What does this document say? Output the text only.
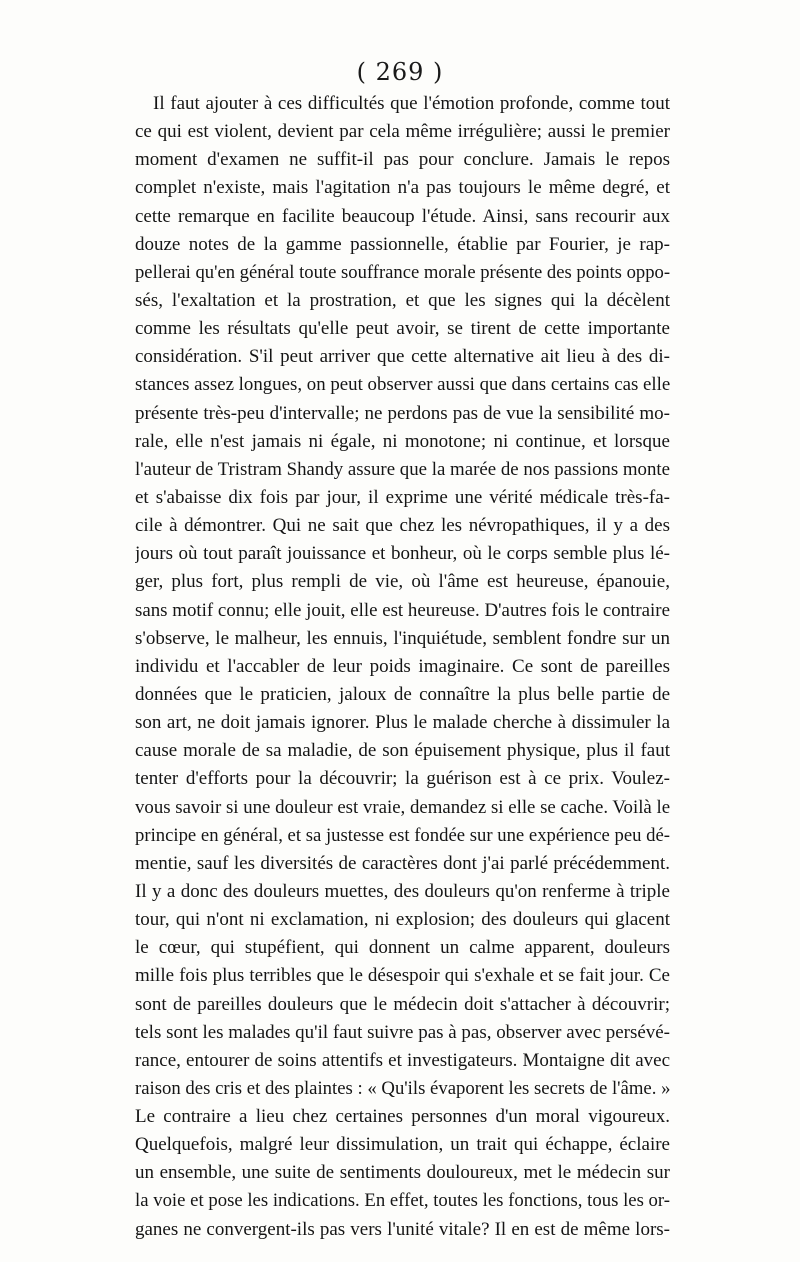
( 269 )
Il faut ajouter à ces difficultés que l'émotion profonde, comme tout
ce qui est violent, devient par cela même irrégulière; aussi le premier
moment d'examen ne suffit-il pas pour conclure. Jamais le repos
complet n'existe, mais l'agitation n'a pas toujours le même degré, et
cette remarque en facilite beaucoup l'étude. Ainsi, sans recourir aux
douze notes de la gamme passionnelle, établie par Fourier, je rap-
pellerai qu'en général toute souffrance morale présente des points oppo-
sés, l'exaltation et la prostration, et que les signes qui la décèlent
comme les résultats qu'elle peut avoir, se tirent de cette importante
considération. S'il peut arriver que cette alternative ait lieu à des di-
stances assez longues, on peut observer aussi que dans certains cas elle
présente très-peu d'intervalle; ne perdons pas de vue la sensibilité mo-
rale, elle n'est jamais ni égale, ni monotone; ni continue, et lorsque
l'auteur de Tristram Shandy assure que la marée de nos passions monte
et s'abaisse dix fois par jour, il exprime une vérité médicale très-fa-
cile à démontrer. Qui ne sait que chez les névropathiques, il y a des
jours où tout paraît jouissance et bonheur, où le corps semble plus lé-
ger, plus fort, plus rempli de vie, où l'âme est heureuse, épanouie,
sans motif connu; elle jouit, elle est heureuse. D'autres fois le contraire
s'observe, le malheur, les ennuis, l'inquiétude, semblent fondre sur un
individu et l'accabler de leur poids imaginaire. Ce sont de pareilles
données que le praticien, jaloux de connaître la plus belle partie de
son art, ne doit jamais ignorer. Plus le malade cherche à dissimuler la
cause morale de sa maladie, de son épuisement physique, plus il faut
tenter d'efforts pour la découvrir; la guérison est à ce prix. Voulez-
vous savoir si une douleur est vraie, demandez si elle se cache. Voilà le
principe en général, et sa justesse est fondée sur une expérience peu dé-
mentie, sauf les diversités de caractères dont j'ai parlé précédemment.
Il y a donc des douleurs muettes, des douleurs qu'on renferme à triple
tour, qui n'ont ni exclamation, ni explosion; des douleurs qui glacent
le cœur, qui stupéfient, qui donnent un calme apparent, douleurs
mille fois plus terribles que le désespoir qui s'exhale et se fait jour. Ce
sont de pareilles douleurs que le médecin doit s'attacher à découvrir;
tels sont les malades qu'il faut suivre pas à pas, observer avec persévé-
rance, entourer de soins attentifs et investigateurs. Montaigne dit avec
raison des cris et des plaintes : « Qu'ils évaporent les secrets de l'âme. »
Le contraire a lieu chez certaines personnes d'un moral vigoureux.
Quelquefois, malgré leur dissimulation, un trait qui échappe, éclaire
un ensemble, une suite de sentiments douloureux, met le médecin sur
la voie et pose les indications. En effet, toutes les fonctions, tous les or-
ganes ne convergent-ils pas vers l'unité vitale? Il en est de même lors-
